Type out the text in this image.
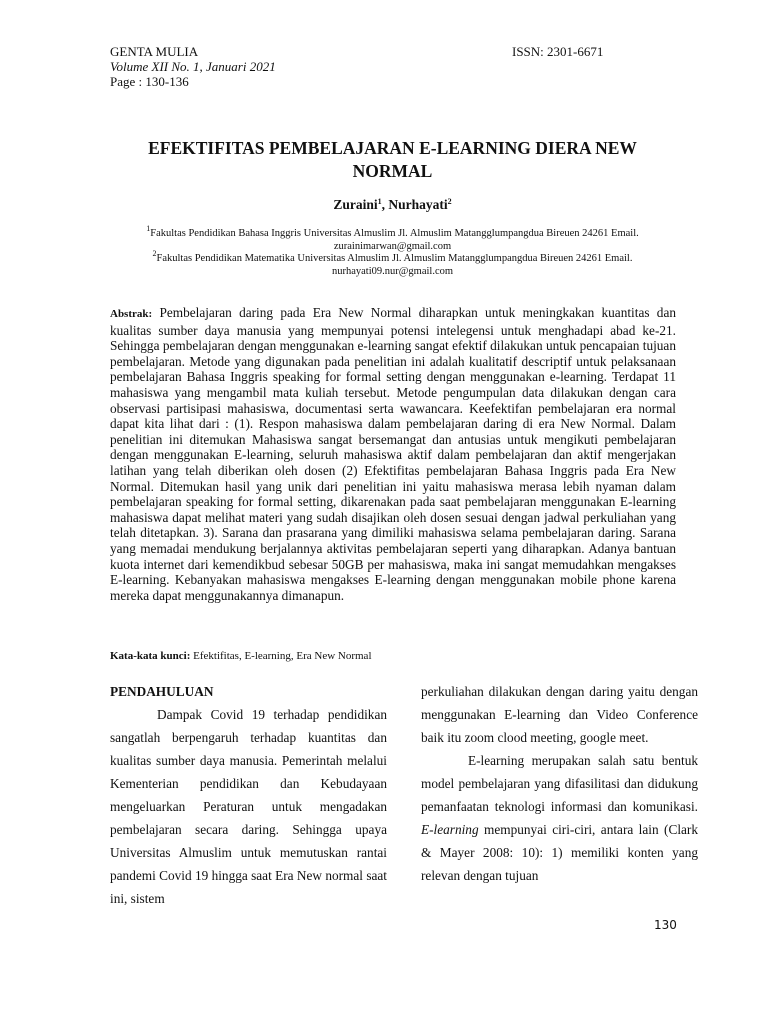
GENTA MULIA	ISSN: 2301-6671
Volume XII No. 1, Januari 2021
Page : 130-136
EFEKTIFITAS PEMBELAJARAN E-LEARNING DIERA NEW
NORMAL
Zuraini$^1$, Nurhayati$^2$
$^1$Fakultas Pendidikan Bahasa Inggris Universitas Almuslim Jl. Almuslim Matangglumpangdua Bireuen 24261 Email.
zurainimarwan@gmail.com
$^2$Fakultas Pendidikan Matematika Universitas Almuslim Jl. Almuslim Matangglumpangdua Bireuen 24261 Email.
nurhayati09.nur@gmail.com
Abstrak: Pembelajaran daring pada Era New Normal diharapkan untuk meningkakan kuantitas dan kualitas sumber daya manusia yang mempunyai potensi intelegensi untuk menghadapi abad ke-21. Sehingga pembelajaran dengan menggunakan e-learning sangat efektif dilakukan untuk pencapaian tujuan pembelajaran. Metode yang digunakan pada penelitian ini adalah kualitatif descriptif untuk pelaksanaan pembelajaran Bahasa Inggris speaking for formal setting dengan menggunakan e-learning. Terdapat 11 mahasiswa yang mengambil mata kuliah tersebut. Metode pengumpulan data dilakukan dengan cara observasi partisipasi mahasiswa, documentasi serta wawancara. Keefektifan pembelajaran era normal dapat kita lihat dari : (1). Respon mahasiswa dalam pembelajaran daring di era New Normal. Dalam penelitian ini ditemukan Mahasiswa sangat bersemangat dan antusias untuk mengikuti pembelajaran dengan menggunakan E-learning, seluruh mahasiswa aktif dalam pembelajaran dan aktif mengerjakan latihan yang telah diberikan oleh dosen (2) Efektifitas pembelajaran Bahasa Inggris pada Era New Normal. Ditemukan hasil yang unik dari penelitian ini yaitu mahasiswa merasa lebih nyaman dalam pembelajaran speaking for formal setting, dikarenakan pada saat pembelajaran menggunakan E-learning mahasiswa dapat melihat materi yang sudah disajikan oleh dosen sesuai dengan jadwal perkuliahan yang telah ditetapkan. 3). Sarana dan prasarana yang dimiliki mahasiswa selama pembelajaran daring. Sarana yang memadai mendukung berjalannya aktivitas pembelajaran seperti yang diharapkan. Adanya bantuan kuota internet dari kemendikbud sebesar 50GB per mahasiswa, maka ini sangat memudahkan mengakses E-learning. Kebanyakan mahasiswa mengakses E-learning dengan menggunakan mobile phone karena mereka dapat menggunakannya dimanapun.
Kata-kata kunci: Efektifitas, E-learning, Era New Normal

PENDAHULUAN

Dampak Covid 19 terhadap pendidikan sangatlah berpengaruh terhadap kuantitas dan kualitas sumber daya manusia. Pemerintah melalui Kementerian pendidikan dan Kebudayaan mengeluarkan Peraturan untuk mengadakan pembelajaran secara daring. Sehingga upaya Universitas Almuslim untuk memutuskan rantai pandemi Covid 19 hingga saat Era New normal saat ini, sistem

perkuliahan dilakukan dengan daring yaitu dengan menggunakan E-learning dan Video Conference baik itu zoom clood meeting, google meet.

E-learning merupakan salah satu bentuk model pembelajaran yang difasilitasi dan didukung pemanfaatan teknologi informasi dan komunikasi. E-learning mempunyai ciri-ciri, antara lain (Clark & Mayer 2008: 10): 1) memiliki konten yang relevan dengan tujuan

130
